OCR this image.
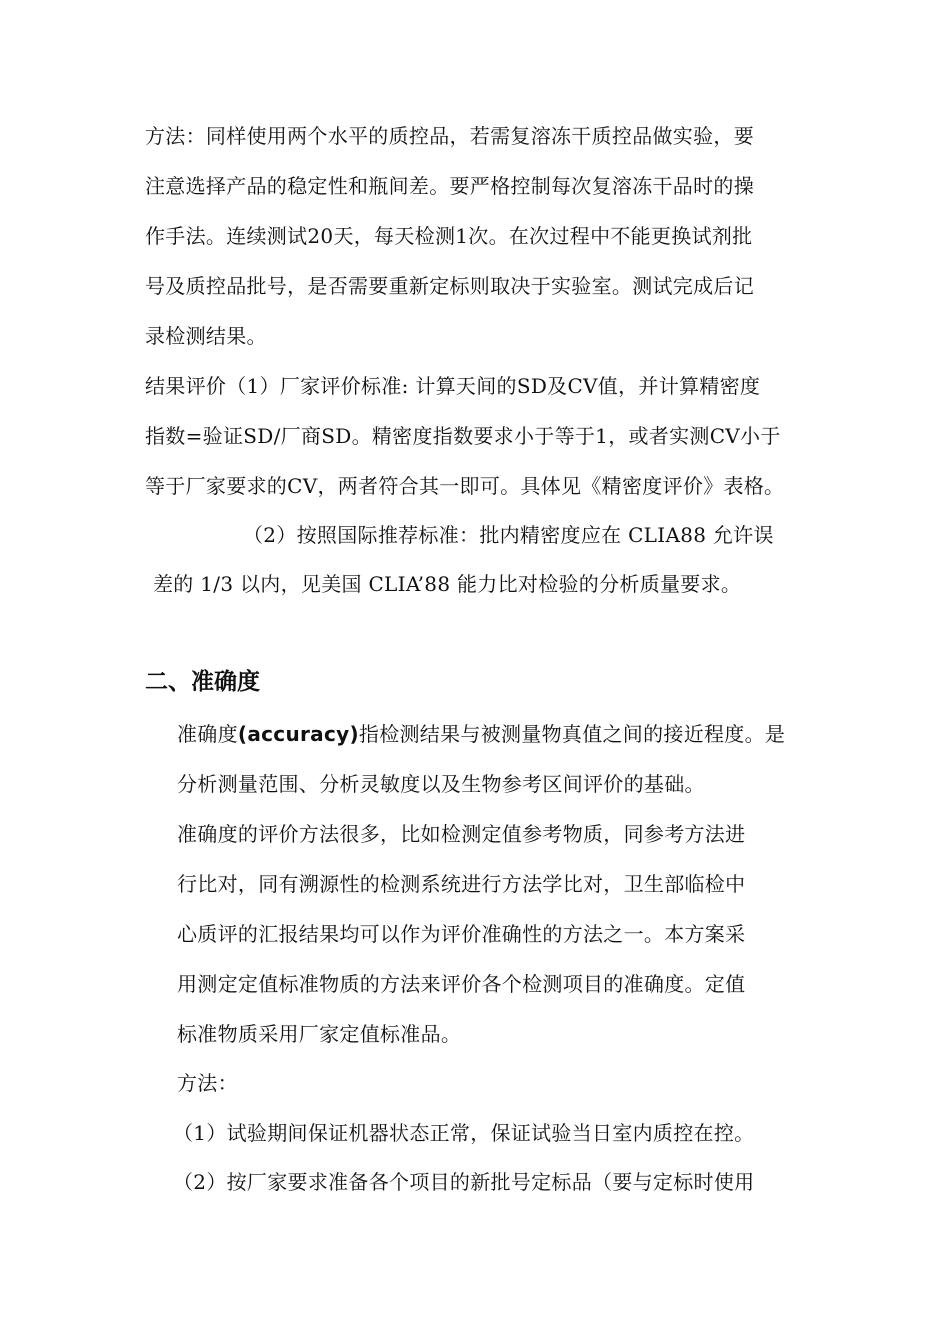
方法：同样使用两个水平的质控品，若需复溶冻干质控品做实验，要
注意选择产品的稳定性和瓶间差。要严格控制每次复溶冻干品时的操
作手法。连续测试20天，每天检测1次。在次过程中不能更换试剂批
号及质控品批号，是否需要重新定标则取决于实验室。测试完成后记
录检测结果。
结果评价（1）厂家评价标准: 计算天间的SD及CV值，并计算精密度
指数=验证SD/厂商SD。精密度指数要求小于等于1，或者实测CV小于
等于厂家要求的CV，两者符合其一即可。具体见《精密度评价》表格。
（2）按照国际推荐标准：批内精密度应在 CLIA88 允许误
差的 1/3 以内，见美国 CLIA’88 能力比对检验的分析质量要求。
二、准确度
准确度(accuracy)指检测结果与被测量物真值之间的接近程度。是
分析测量范围、分析灵敏度以及生物参考区间评价的基础。
准确度的评价方法很多，比如检测定值参考物质，同参考方法进
行比对，同有溯源性的检测系统进行方法学比对，卫生部临检中
心质评的汇报结果均可以作为评价准确性的方法之一。本方案采
用测定定值标准物质的方法来评价各个检测项目的准确度。定值
标准物质采用厂家定值标准品。
方法：
（1）试验期间保证机器状态正常，保证试验当日室内质控在控。
（2）按厂家要求准备各个项目的新批号定标品（要与定标时使用
